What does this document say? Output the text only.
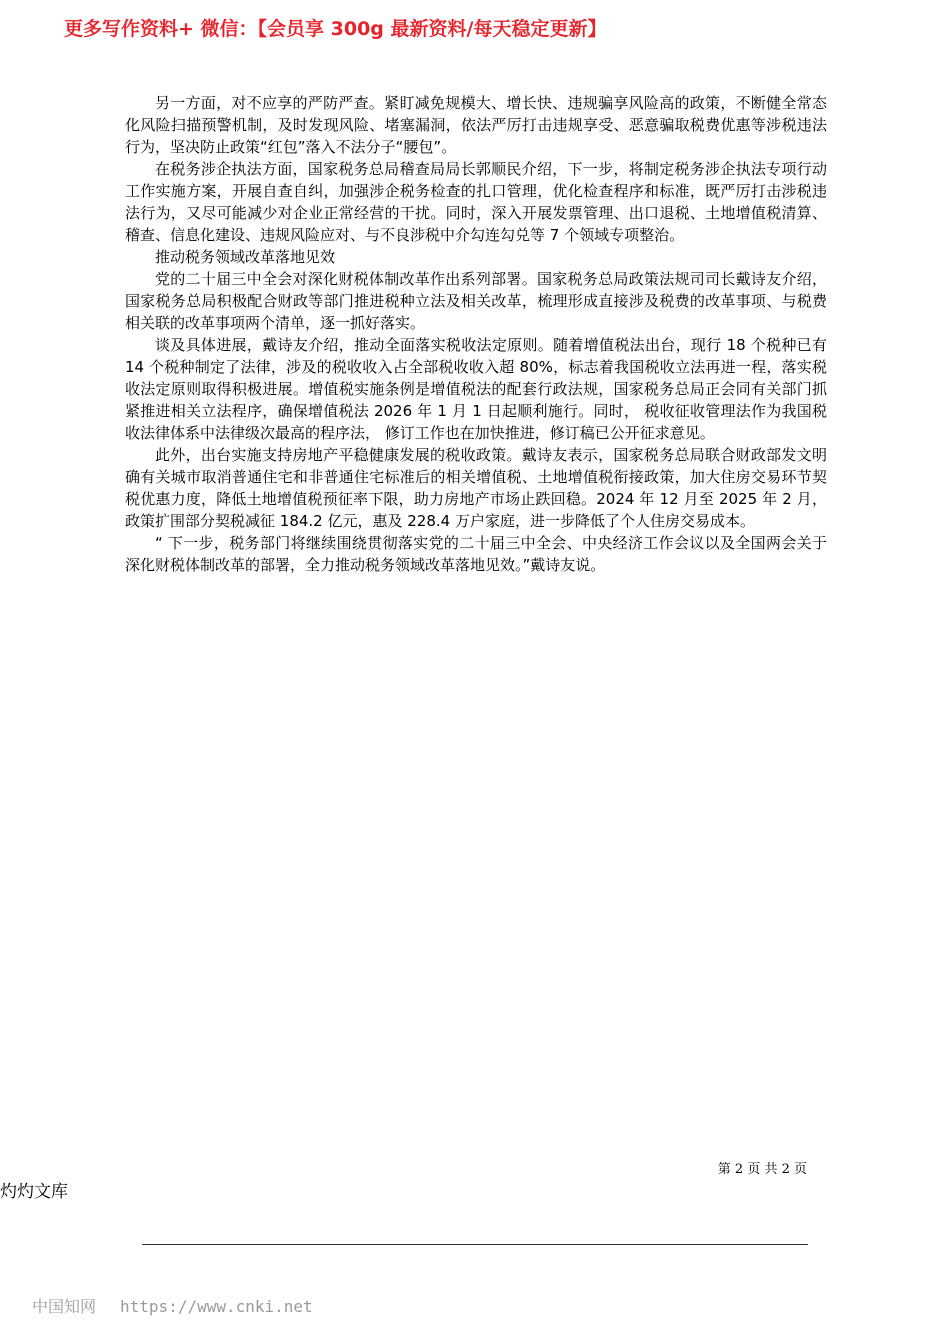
更多写作资料+ 微信：【会员享 300g 最新资料/每天稳定更新】

另一方面，对不应享的严防严查。紧盯减免规模大、增长快、违规骗享风险高的政策，不断健全常态化风险扫描预警机制，及时发现风险、堵塞漏洞，依法严厉打击违规享受、恶意骗取税费优惠等涉税违法行为，坚决防止政策“红包”落入不法分子“腰包”。

在税务涉企执法方面，国家税务总局稽查局局长郭顺民介绍，下一步，将制定税务涉企执法专项行动工作实施方案，开展自查自纠，加强涉企税务检查的扎口管理，优化检查程序和标准，既严厉打击涉税违法行为，又尽可能减少对企业正常经营的干扰。同时，深入开展发票管理、出口退税、土地增值税清算、稽查、信息化建设、违规风险应对、与不良涉税中介勾连勾兑等 7 个领域专项整治。

推动税务领域改革落地见效

党的二十届三中全会对深化财税体制改革作出系列部署。国家税务总局政策法规司司长戴诗友介绍，国家税务总局积极配合财政等部门推进税种立法及相关改革，梳理形成直接涉及税费的改革事项、与税费相关联的改革事项两个清单，逐一抓好落实。

谈及具体进展，戴诗友介绍，推动全面落实税收法定原则。随着增值税法出台，现行 18 个税种已有 14 个税种制定了法律，涉及的税收收入占全部税收收入超 80%，标志着我国税收立法再进一程，落实税收法定原则取得积极进展。增值税实施条例是增值税法的配套行政法规，国家税务总局正会同有关部门抓紧推进相关立法程序，确保增值税法 2026 年 1 月 1 日起顺利施行。同时， 税收征收管理法作为我国税收法律体系中法律级次最高的程序法， 修订工作也在加快推进，修订稿已公开征求意见。

此外，出台实施支持房地产平稳健康发展的税收政策。戴诗友表示，国家税务总局联合财政部发文明确有关城市取消普通住宅和非普通住宅标准后的相关增值税、土地增值税衔接政策，加大住房交易环节契税优惠力度，降低土地增值税预征率下限，助力房地产市场止跌回稳。2024 年 12 月至 2025 年 2 月，政策扩围部分契税减征 184.2 亿元，惠及 228.4 万户家庭，进一步降低了个人住房交易成本。

“ 下一步，税务部门将继续围绕贯彻落实党的二十届三中全会、中央经济工作会议以及全国两会关于深化财税体制改革的部署，全力推动税务领域改革落地见效。”戴诗友说。

第 2 页 共 2 页
灼灼文库
中国知网 https://www.cnki.net
